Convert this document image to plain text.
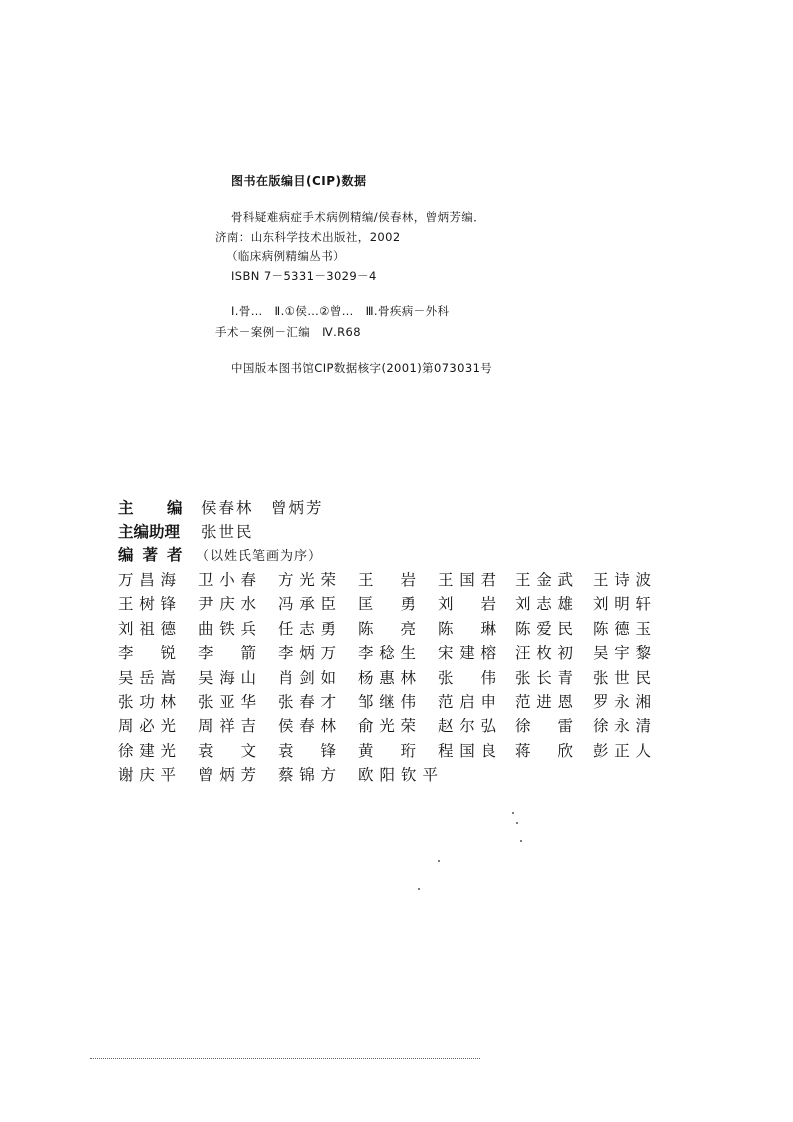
图书在版编目(CIP)数据
骨科疑难病症手术病例精编/侯春林，曾炳芳编．
济南：山东科学技术出版社，2002
（临床病例精编丛书）
ISBN 7－5331－3029－4
Ⅰ.骨…　Ⅱ.①侯…②曾…　Ⅲ.骨疾病－外科
手术－案例－汇编　Ⅳ.R68
中国版本图书馆CIP数据核字(2001)第073031号
主　编 侯春林　曾炳芳
主编助理 张世民
编著者 （以姓氏笔画为序）
万昌海 卫小春 方光荣 王岩 王国君 王金武 王诗波
王树锋 尹庆水 冯承臣 匡勇 刘岩 刘志雄 刘明轩
刘祖德 曲铁兵 任志勇 陈亮 陈琳 陈爱民 陈德玉
李锐 李箭 李炳万 李稔生 宋建榕 汪枚初 吴宇黎
吴岳嵩 吴海山 肖剑如 杨惠林 张伟 张长青 张世民
张功林 张亚华 张春才 邹继伟 范启申 范进恩 罗永湘
周必光 周祥吉 侯春林 俞光荣 赵尔弘 徐雷 徐永清
徐建光 袁文 袁锋 黄珩 程国良 蒋欣 彭正人
谢庆平 曾炳芳 蔡锦方 欧阳钦平
